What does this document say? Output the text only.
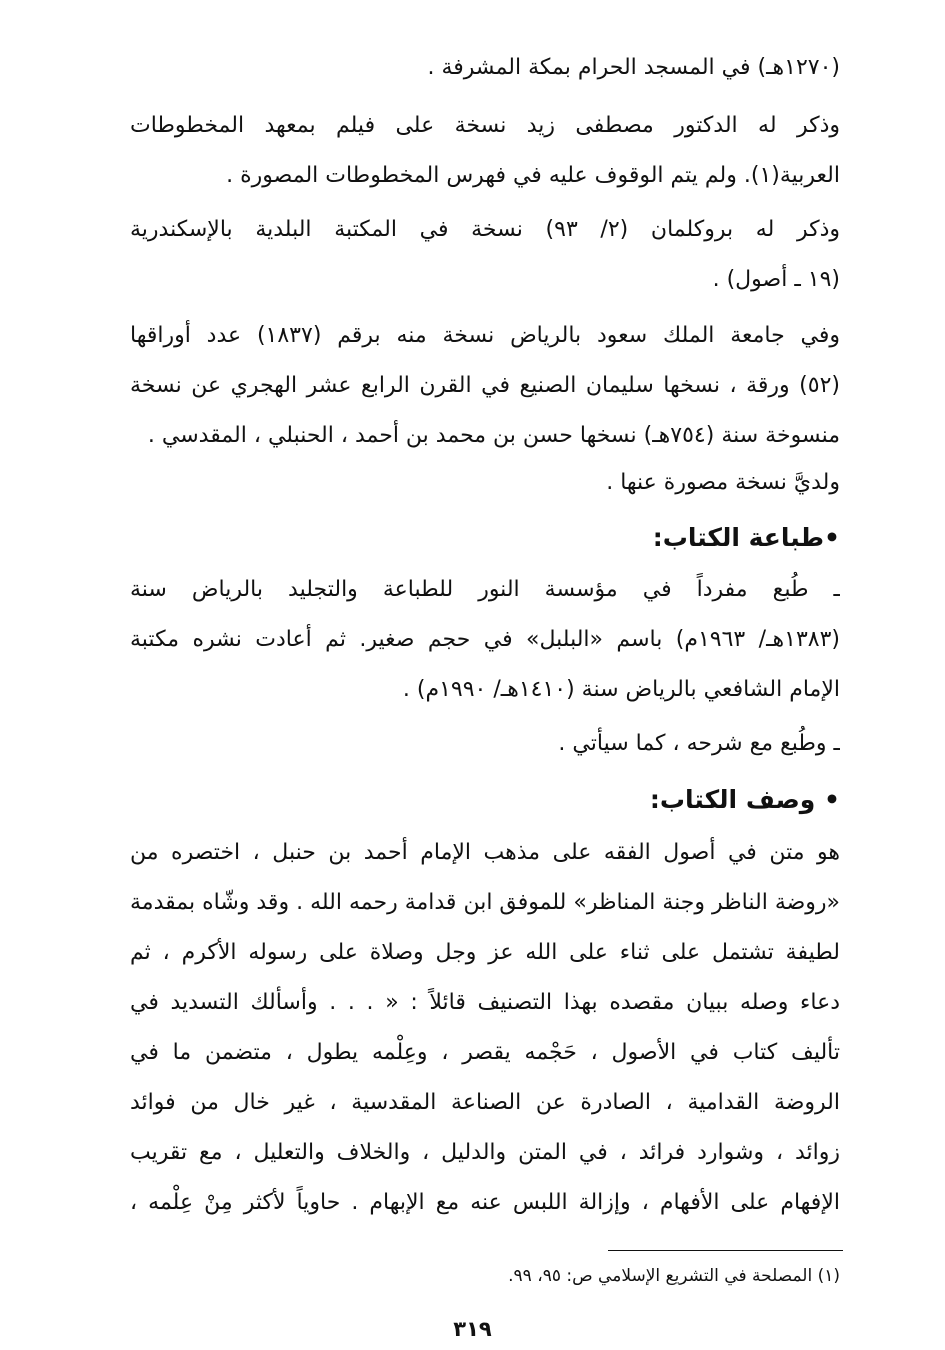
(١٢٧٠هـ) في المسجد الحرام بمكة المشرفة .
وذكر له الدكتور مصطفى زيد نسخة على فيلم بمعهد المخطوطات
العربية(١). ولم يتم الوقوف عليه في فهرس المخطوطات المصورة .
وذكر له بروكلمان (٢/ ٩٣) نسخة في المكتبة البلدية بالإسكندرية
(١٩ ـ أصول) .
وفي جامعة الملك سعود بالرياض نسخة منه برقم (١٨٣٧) عدد أوراقها
(٥٢) ورقة ، نسخها سليمان الصنيع في القرن الرابع عشر الهجري عن نسخة
منسوخة سنة (٧٥٤هـ) نسخها حسن بن محمد بن أحمد ، الحنبلي ، المقدسي .
ولديَّ نسخة مصورة عنها .
•طباعة الكتاب:
ـ طُبع مفرداً في مؤسسة النور للطباعة والتجليد بالرياض سنة
(١٣٨٣هـ/ ١٩٦٣م) باسم «البلبل» في حجم صغير. ثم أعادت نشره مكتبة
الإمام الشافعي بالرياض سنة (١٤١٠هـ/ ١٩٩٠م) .
ـ وطُبع مع شرحه ، كما سيأتي .
• وصف الكتاب:
هو متن في أصول الفقه على مذهب الإمام أحمد بن حنبل ، اختصره من
«روضة الناظر وجنة المناظر» للموفق ابن قدامة رحمه الله . وقد وشّاه بمقدمة
لطيفة تشتمل على ثناء على الله عز وجل وصلاة على رسوله الأكرم ، ثم
دعاء وصله ببيان مقصده بهذا التصنيف قائلاً : « . . . وأسألك التسديد في
تأليف كتاب في الأصول ، حَجْمه يقصر ، وعِلْمه يطول ، متضمن ما في
الروضة القدامية ، الصادرة عن الصناعة المقدسية ، غير خال من فوائد
زوائد ، وشوارد فرائد ، في المتن والدليل ، والخلاف والتعليل ، مع تقريب
الإفهام على الأفهام ، وإزالة اللبس عنه مع الإبهام . حاوياً لأكثر مِنْ عِلْمه ،
(١) المصلحة في التشريع الإسلامي ص: ٩٥، ٩٩.
٣١٩
